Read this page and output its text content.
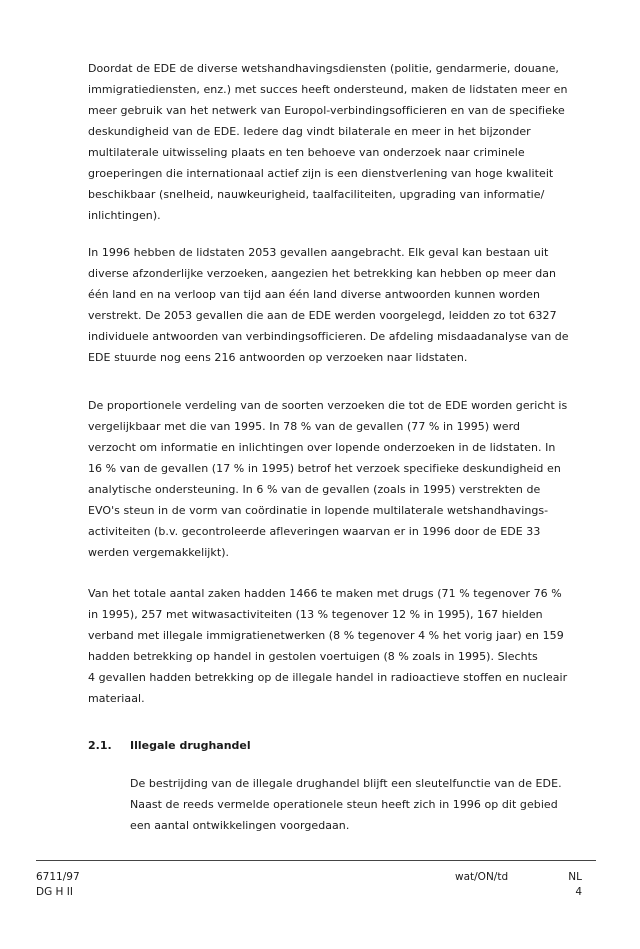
Doordat de EDE de diverse wetshandhavingsdiensten (politie, gendarmerie, douane,
immigratiediensten, enz.) met succes heeft ondersteund, maken de lidstaten meer en
meer gebruik van het netwerk van Europol-verbindingsofficieren en van de specifieke
deskundigheid van de EDE. Iedere dag vindt bilaterale en meer in het bijzonder
multilaterale uitwisseling plaats en ten behoeve van onderzoek naar criminele
groeperingen die internationaal actief zijn is een dienstverlening van hoge kwaliteit
beschikbaar (snelheid, nauwkeurigheid, taalfaciliteiten, upgrading van informatie/
inlichtingen).
In 1996 hebben de lidstaten 2053 gevallen aangebracht. Elk geval kan bestaan uit
diverse afzonderlijke verzoeken, aangezien het betrekking kan hebben op meer dan
één land en na verloop van tijd aan één land diverse antwoorden kunnen worden
verstrekt. De 2053 gevallen die aan de EDE werden voorgelegd, leidden zo tot 6327
individuele antwoorden van verbindingsofficieren. De afdeling misdaadanalyse van de
EDE stuurde nog eens 216 antwoorden op verzoeken naar lidstaten.
De proportionele verdeling van de soorten verzoeken die tot de EDE worden gericht is
vergelijkbaar met die van 1995. In 78 % van de gevallen (77 % in 1995) werd
verzocht om informatie en inlichtingen over lopende onderzoeken in de lidstaten. In
16 % van de gevallen (17 % in 1995) betrof het verzoek specifieke deskundigheid en
analytische ondersteuning. In 6 % van de gevallen (zoals in 1995) verstrekten de
EVO's steun in de vorm van coördinatie in lopende multilaterale wetshandhavings-
activiteiten (b.v. gecontroleerde afleveringen waarvan er in 1996 door de EDE 33
werden vergemakkelijkt).
Van het totale aantal zaken hadden 1466 te maken met drugs (71 % tegenover 76 %
in 1995), 257 met witwasactiviteiten (13 % tegenover 12 % in 1995), 167 hielden
verband met illegale immigratienetwerken (8 % tegenover 4 % het vorig jaar) en 159
hadden betrekking op handel in gestolen voertuigen (8 % zoals in 1995). Slechts
4 gevallen hadden betrekking op de illegale handel in radioactieve stoffen en nucleair
materiaal.
2.1. Illegale drughandel
De bestrijding van de illegale drughandel blijft een sleutelfunctie van de EDE.
Naast de reeds vermelde operationele steun heeft zich in 1996 op dit gebied
een aantal ontwikkelingen voorgedaan.
6711/97
DG H II
wat/ON/td	NL
4
